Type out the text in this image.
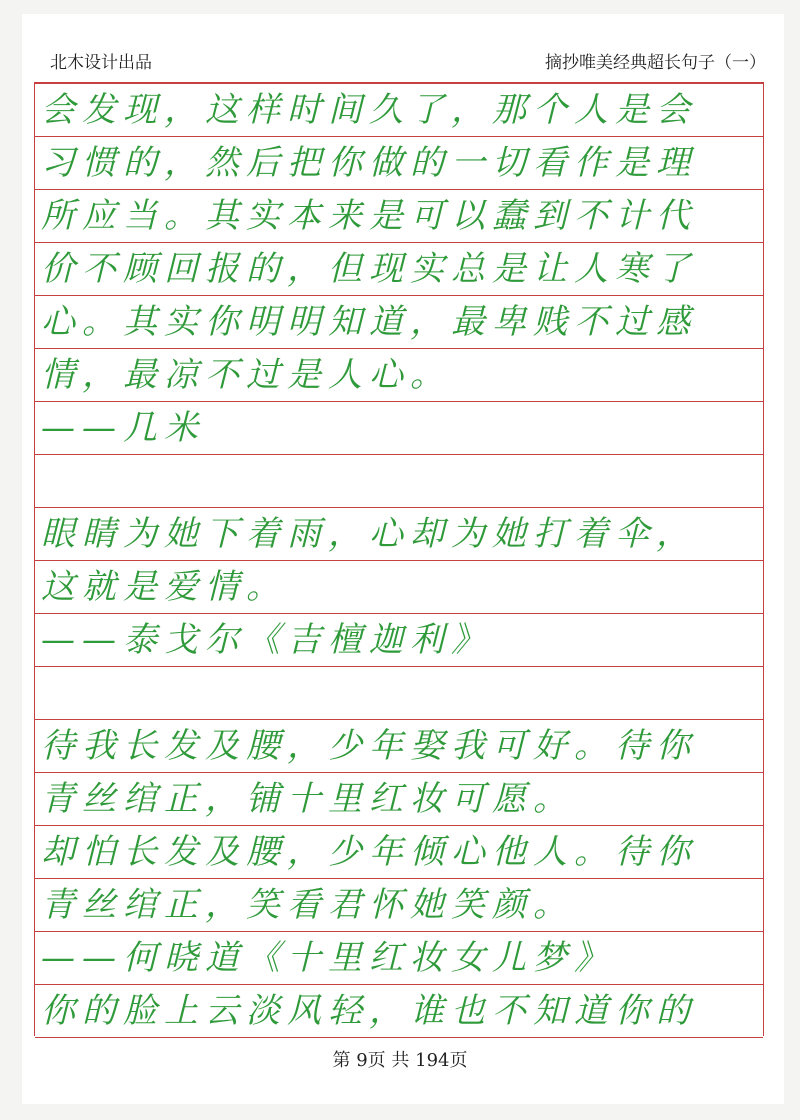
北木设计出品	摘抄唯美经典超长句子（一）
会发现，这样时间久了，那个人是会
习惯的，然后把你做的一切看作是理
所应当。其实本来是可以蠢到不计代
价不顾回报的，但现实总是让人寒了
心。其实你明明知道，最卑贱不过感
情，最凉不过是人心。
——几米
眼睛为她下着雨，心却为她打着伞，
这就是爱情。
——泰戈尔《吉檀迦利》
待我长发及腰，少年娶我可好。待你
青丝绾正，铺十里红妆可愿。
却怕长发及腰，少年倾心他人。待你
青丝绾正，笑看君怀她笑颜。
——何晓道《十里红妆女儿梦》
你的脸上云淡风轻，谁也不知道你的
第 9页 共 194页
